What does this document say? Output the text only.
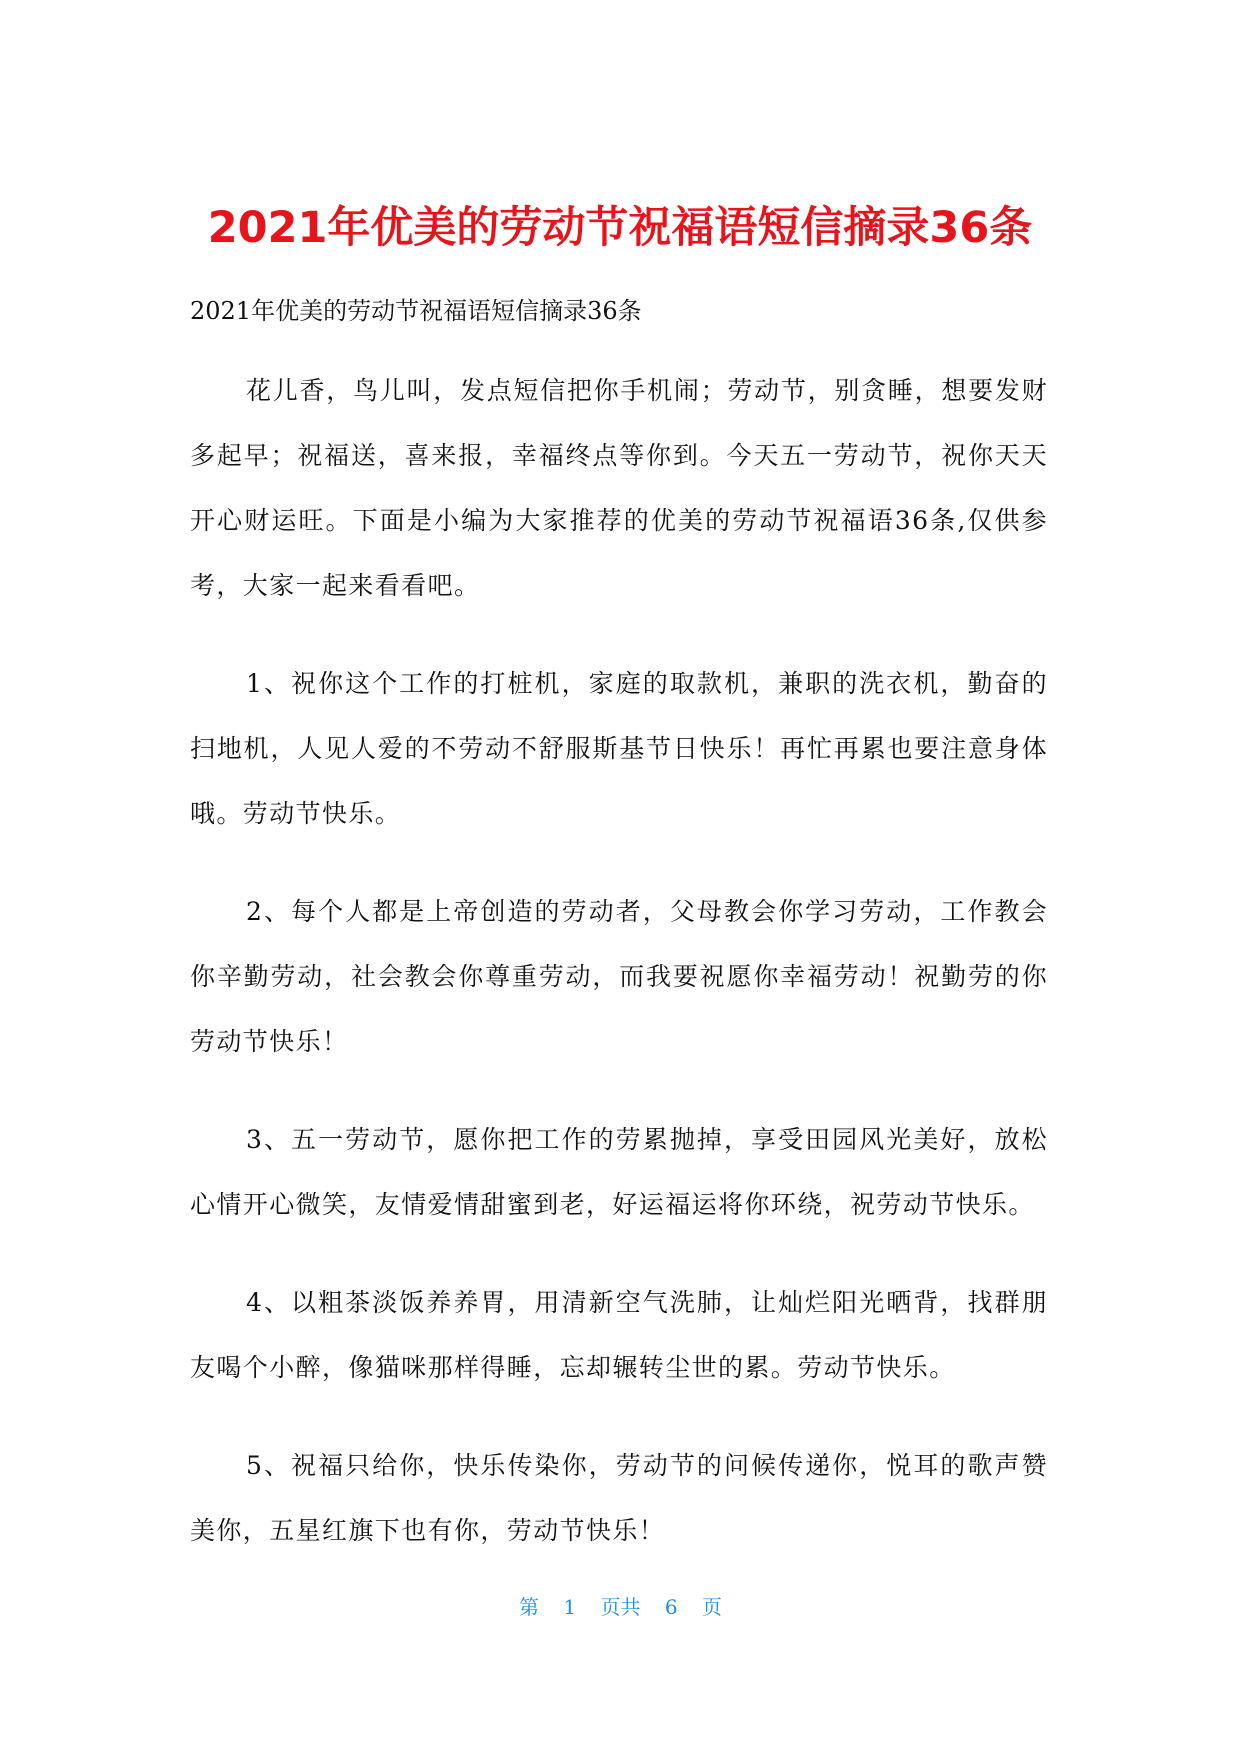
2021年优美的劳动节祝福语短信摘录36条
2021年优美的劳动节祝福语短信摘录36条

花儿香，鸟儿叫，发点短信把你手机闹；劳动节，别贪睡，想要发财多起早；祝福送，喜来报，幸福终点等你到。今天五一劳动节，祝你天天开心财运旺。下面是小编为大家推荐的优美的劳动节祝福语36条,仅供参考，大家一起来看看吧。

1、祝你这个工作的打桩机，家庭的取款机，兼职的洗衣机，勤奋的扫地机，人见人爱的不劳动不舒服斯基节日快乐！再忙再累也要注意身体哦。劳动节快乐。

2、每个人都是上帝创造的劳动者，父母教会你学习劳动，工作教会你辛勤劳动，社会教会你尊重劳动，而我要祝愿你幸福劳动！祝勤劳的你劳动节快乐！

3、五一劳动节，愿你把工作的劳累抛掉，享受田园风光美好，放松心情开心微笑，友情爱情甜蜜到老，好运福运将你环绕，祝劳动节快乐。

4、以粗茶淡饭养养胃，用清新空气洗肺，让灿烂阳光晒背，找群朋友喝个小醉，像猫咪那样得睡，忘却辗转尘世的累。劳动节快乐。

5、祝福只给你，快乐传染你，劳动节的问候传递你，悦耳的歌声赞美你，五星红旗下也有你，劳动节快乐！

第 1 页共 6 页
